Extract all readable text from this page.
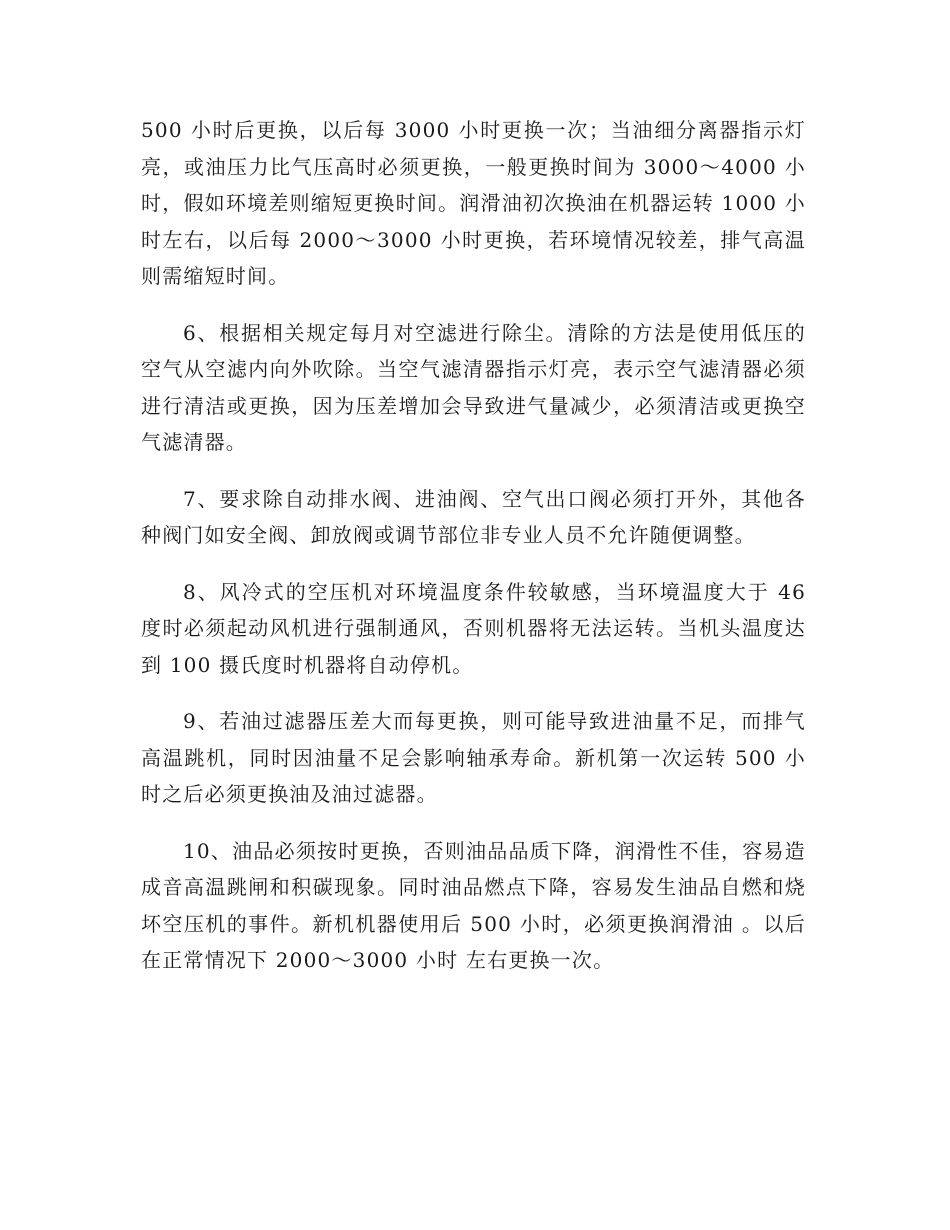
500 小时后更换，以后每 3000 小时更换一次；当油细分离器指示灯亮，或油压力比气压高时必须更换，一般更换时间为 3000～4000 小时，假如环境差则缩短更换时间。润滑油初次换油在机器运转 1000 小时左右，以后每 2000～3000 小时更换，若环境情况较差，排气高温则需缩短时间。

6、根据相关规定每月对空滤进行除尘。清除的方法是使用低压的空气从空滤内向外吹除。当空气滤清器指示灯亮，表示空气滤清器必须进行清洁或更换，因为压差增加会导致进气量减少，必须清洁或更换空气滤清器。

7、要求除自动排水阀、进油阀、空气出口阀必须打开外，其他各种阀门如安全阀、卸放阀或调节部位非专业人员不允许随便调整。

8、风冷式的空压机对环境温度条件较敏感，当环境温度大于 46 度时必须起动风机进行强制通风，否则机器将无法运转。当机头温度达到 100 摄氏度时机器将自动停机。

9、若油过滤器压差大而每更换，则可能导致进油量不足，而排气高温跳机，同时因油量不足会影响轴承寿命。新机第一次运转 500 小时之后必须更换油及油过滤器。

10、油品必须按时更换，否则油品品质下降，润滑性不佳，容易造成音高温跳闸和积碳现象。同时油品燃点下降，容易发生油品自燃和烧坏空压机的事件。新机机器使用后 500 小时，必须更换润滑油 。以后在正常情况下 2000～3000 小时 左右更换一次。
